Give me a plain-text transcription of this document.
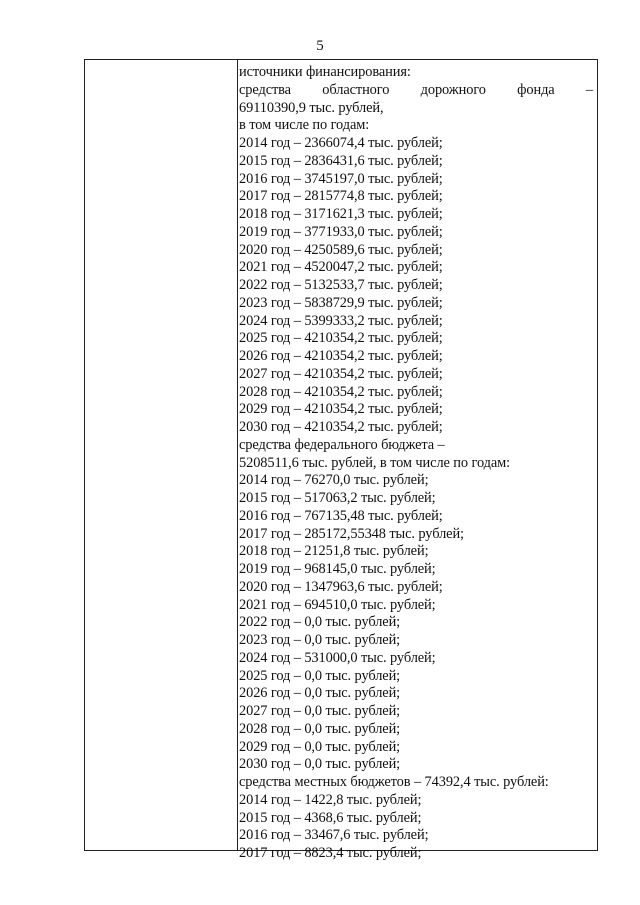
5
источники финансирования:
средства областного дорожного фонда –
69110390,9 тыс. рублей,
в том числе по годам:
2014 год – 2366074,4 тыс. рублей;
2015 год – 2836431,6 тыс. рублей;
2016 год – 3745197,0 тыс. рублей;
2017 год – 2815774,8 тыс. рублей;
2018 год – 3171621,3 тыс. рублей;
2019 год – 3771933,0 тыс. рублей;
2020 год – 4250589,6 тыс. рублей;
2021 год – 4520047,2 тыс. рублей;
2022 год – 5132533,7 тыс. рублей;
2023 год – 5838729,9 тыс. рублей;
2024 год – 5399333,2 тыс. рублей;
2025 год – 4210354,2 тыс. рублей;
2026 год – 4210354,2 тыс. рублей;
2027 год – 4210354,2 тыс. рублей;
2028 год – 4210354,2 тыс. рублей;
2029 год – 4210354,2 тыс. рублей;
2030 год – 4210354,2 тыс. рублей;
средства федерального бюджета –
5208511,6 тыс. рублей, в том числе по годам:
2014 год – 76270,0 тыс. рублей;
2015 год – 517063,2 тыс. рублей;
2016 год – 767135,48 тыс. рублей;
2017 год – 285172,55348 тыс. рублей;
2018 год – 21251,8 тыс. рублей;
2019 год – 968145,0 тыс. рублей;
2020 год – 1347963,6 тыс. рублей;
2021 год – 694510,0 тыс. рублей;
2022 год – 0,0 тыс. рублей;
2023 год – 0,0 тыс. рублей;
2024 год – 531000,0 тыс. рублей;
2025 год – 0,0 тыс. рублей;
2026 год – 0,0 тыс. рублей;
2027 год – 0,0 тыс. рублей;
2028 год – 0,0 тыс. рублей;
2029 год – 0,0 тыс. рублей;
2030 год – 0,0 тыс. рублей;
средства местных бюджетов – 74392,4 тыс. рублей:
2014 год – 1422,8 тыс. рублей;
2015 год – 4368,6 тыс. рублей;
2016 год – 33467,6 тыс. рублей;
2017 год – 8823,4 тыс. рублей;
